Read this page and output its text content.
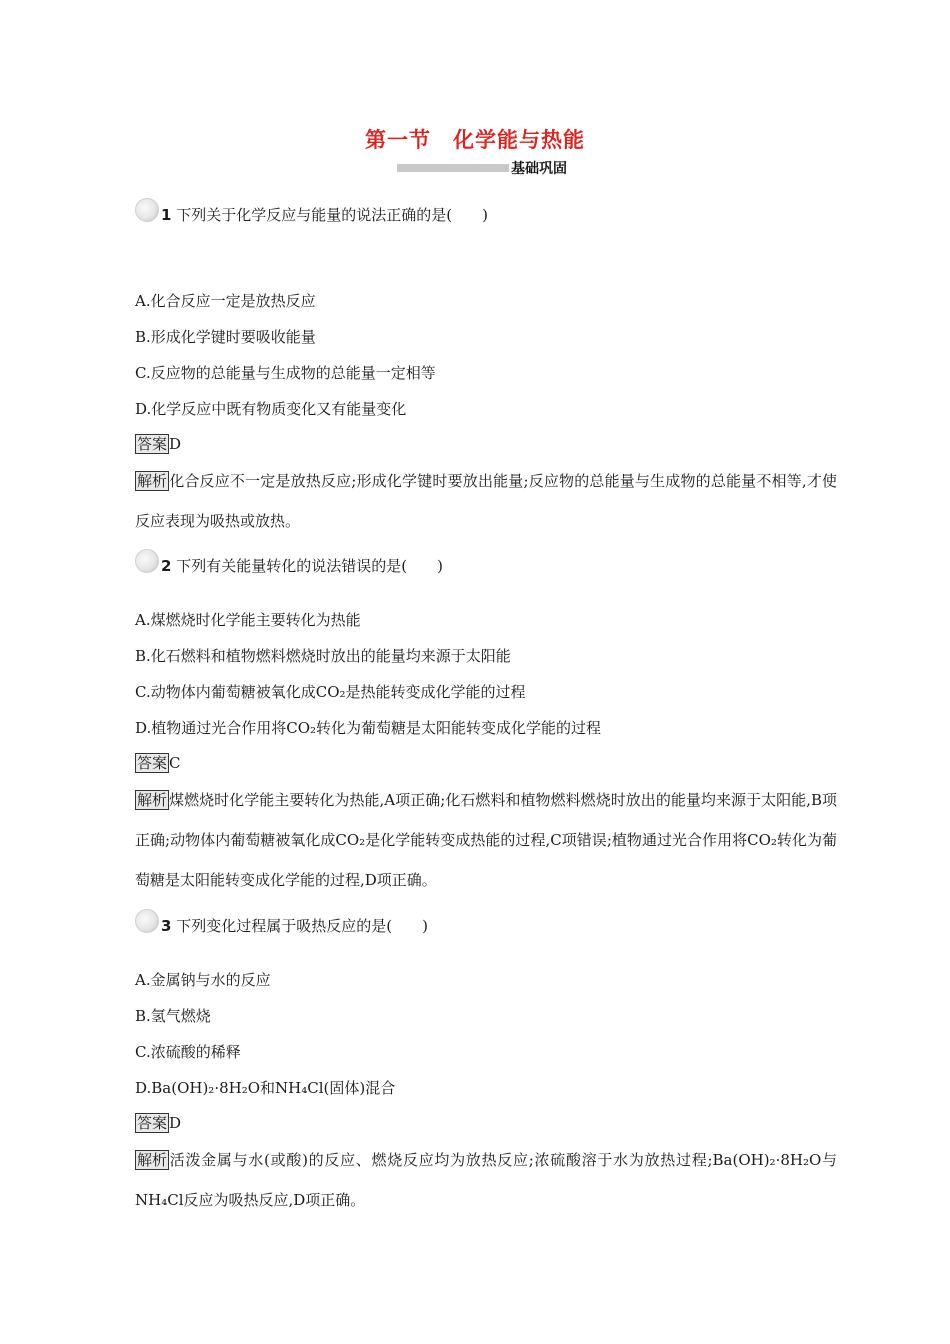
第一节　化学能与热能
基础巩固
1 下列关于化学反应与能量的说法正确的是(　　)
A.化合反应一定是放热反应
B.形成化学键时要吸收能量
C.反应物的总能量与生成物的总能量一定相等
D.化学反应中既有物质变化又有能量变化
答案 D
解析 化合反应不一定是放热反应;形成化学键时要放出能量;反应物的总能量与生成物的总能量不相等,才使反应表现为吸热或放热。
2 下列有关能量转化的说法错误的是(　　)
A.煤燃烧时化学能主要转化为热能
B.化石燃料和植物燃料燃烧时放出的能量均来源于太阳能
C.动物体内葡萄糖被氧化成CO₂是热能转变成化学能的过程
D.植物通过光合作用将CO₂转化为葡萄糖是太阳能转变成化学能的过程
答案 C
解析 煤燃烧时化学能主要转化为热能,A项正确;化石燃料和植物燃料燃烧时放出的能量均来源于太阳能,B项正确;动物体内葡萄糖被氧化成CO₂是化学能转变成热能的过程,C项错误;植物通过光合作用将CO₂转化为葡萄糖是太阳能转变成化学能的过程,D项正确。
3 下列变化过程属于吸热反应的是(　　)
A.金属钠与水的反应
B.氢气燃烧
C.浓硫酸的稀释
D.Ba(OH)₂·8H₂O和NH₄Cl(固体)混合
答案 D
解析 活泼金属与水(或酸)的反应、燃烧反应均为放热反应;浓硫酸溶于水为放热过程;Ba(OH)₂·8H₂O与NH₄Cl反应为吸热反应,D项正确。
